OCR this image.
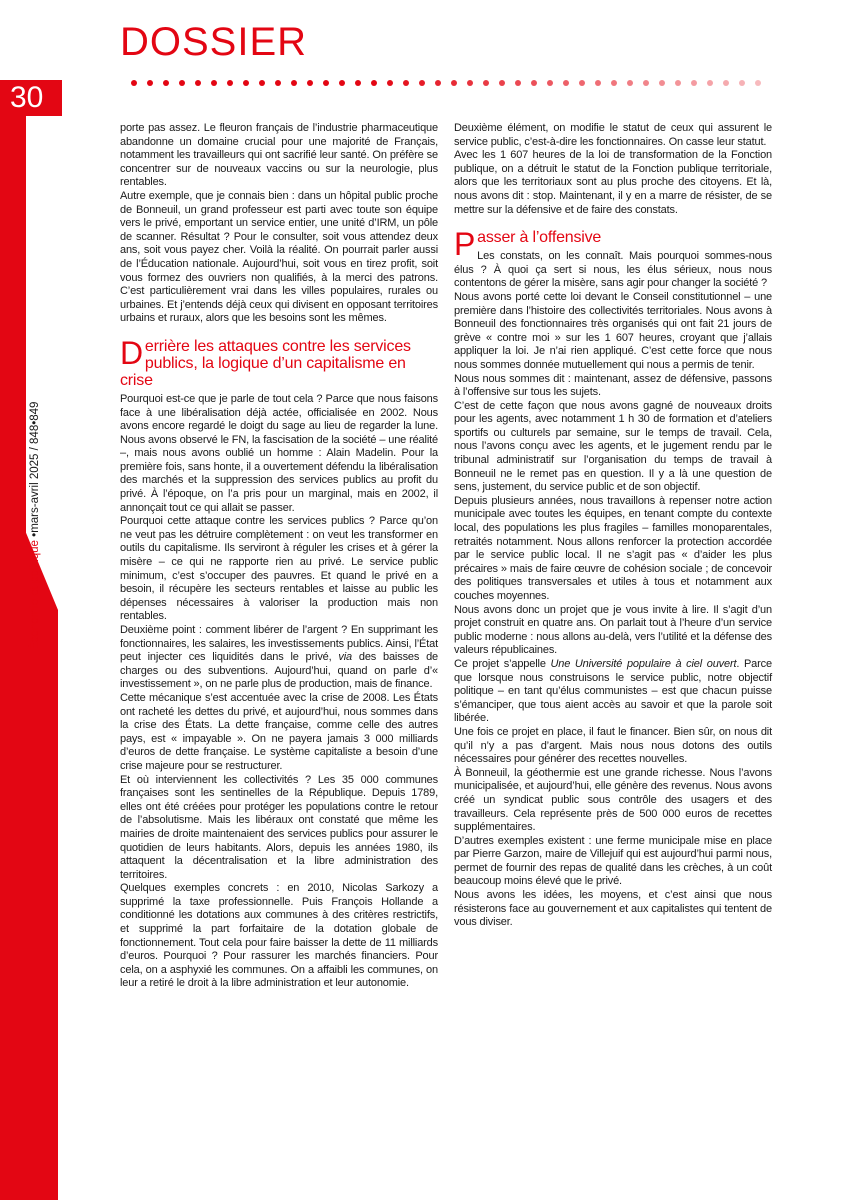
30
DOSSIER
Économie et politique •mars-avril 2025 / 848•849

porte pas assez. Le fleuron français de l’industrie pharmaceutique abandonne un domaine crucial pour une majorité de Français, notamment les travailleurs qui ont sacrifié leur santé. On préfère se concentrer sur de nouveaux vaccins ou sur la neurologie, plus rentables.

Autre exemple, que je connais bien : dans un hôpital public proche de Bonneuil, un grand professeur est parti avec toute son équipe vers le privé, emportant un service entier, une unité d’IRM, un pôle de scanner. Résultat ? Pour le consulter, soit vous attendez deux ans, soit vous payez cher. Voilà la réalité. On pourrait parler aussi de l’Éducation nationale. Aujourd’hui, soit vous en tirez profit, soit vous formez des ouvriers non qualifiés, à la merci des patrons. C’est particulièrement vrai dans les villes populaires, rurales ou urbaines. Et j’entends déjà ceux qui divisent en opposant territoires urbains et ruraux, alors que les besoins sont les mêmes.

Derrière les attaques contre les services publics, la logique d’un capitalisme en crise

Pourquoi est-ce que je parle de tout cela ? Parce que nous faisons face à une libéralisation déjà actée, officialisée en 2002. Nous avons encore regardé le doigt du sage au lieu de regarder la lune. Nous avons observé le FN, la fascisation de la société – une réalité –, mais nous avons oublié un homme : Alain Madelin. Pour la première fois, sans honte, il a ouvertement défendu la libéralisation des marchés et la suppression des services publics au profit du privé. À l’époque, on l’a pris pour un marginal, mais en 2002, il annonçait tout ce qui allait se passer.

Pourquoi cette attaque contre les services publics ? Parce qu’on ne veut pas les détruire complètement : on veut les transformer en outils du capitalisme. Ils serviront à réguler les crises et à gérer la misère – ce qui ne rapporte rien au privé. Le service public minimum, c’est s’occuper des pauvres. Et quand le privé en a besoin, il récupère les secteurs rentables et laisse au public les dépenses nécessaires à valoriser la production mais non rentables.

Deuxième point : comment libérer de l’argent ? En supprimant les fonctionnaires, les salaires, les investissements publics. Ainsi, l’État peut injecter ces liquidités dans le privé, via des baisses de charges ou des subventions. Aujourd’hui, quand on parle d’« investissement », on ne parle plus de production, mais de finance.

Cette mécanique s’est accentuée avec la crise de 2008. Les États ont racheté les dettes du privé, et aujourd’hui, nous sommes dans la crise des États. La dette française, comme celle des autres pays, est « impayable ». On ne payera jamais 3 000 milliards d’euros de dette française. Le système capitaliste a besoin d’une crise majeure pour se restructurer.

Et où interviennent les collectivités ? Les 35 000 communes françaises sont les sentinelles de la République. Depuis 1789, elles ont été créées pour protéger les populations contre le retour de l’absolutisme. Mais les libéraux ont constaté que même les mairies de droite maintenaient des services publics pour assurer le quotidien de leurs habitants. Alors, depuis les années 1980, ils attaquent la décentralisation et la libre administration des territoires.

Quelques exemples concrets : en 2010, Nicolas Sarkozy a supprimé la taxe professionnelle. Puis François Hollande a conditionné les dotations aux communes à des critères restrictifs, et supprimé la part forfaitaire de la dotation globale de fonctionnement. Tout cela pour faire baisser la dette de 11 milliards d’euros. Pourquoi ? Pour rassurer les marchés financiers. Pour cela, on a asphyxié les communes. On a affaibli les communes, on leur a retiré le droit à la libre administration et leur autonomie.

Deuxième élément, on modifie le statut de ceux qui assurent le service public, c’est-à-dire les fonctionnaires. On casse leur statut.

Avec les 1 607 heures de la loi de transformation de la Fonction publique, on a détruit le statut de la Fonction publique territoriale, alors que les territoriaux sont au plus proche des citoyens. Et là, nous avons dit : stop. Maintenant, il y en a marre de résister, de se mettre sur la défensive et de faire des constats.

Passer à l’offensive

Les constats, on les connaît. Mais pourquoi sommes-nous élus ? À quoi ça sert si nous, les élus sérieux, nous nous contentons de gérer la misère, sans agir pour changer la société ?

Nous avons porté cette loi devant le Conseil constitutionnel – une première dans l’histoire des collectivités territoriales. Nous avons à Bonneuil des fonctionnaires très organisés qui ont fait 21 jours de grève « contre moi » sur les 1 607 heures, croyant que j’allais appliquer la loi. Je n’ai rien appliqué. C’est cette force que nous nous sommes donnée mutuellement qui nous a permis de tenir.

Nous nous sommes dit : maintenant, assez de défensive, passons à l’offensive sur tous les sujets.

C’est de cette façon que nous avons gagné de nouveaux droits pour les agents, avec notamment 1 h 30 de formation et d’ateliers sportifs ou culturels par semaine, sur le temps de travail. Cela, nous l’avons conçu avec les agents, et le jugement rendu par le tribunal administratif sur l’organisation du temps de travail à Bonneuil ne le remet pas en question. Il y a là une question de sens, justement, du service public et de son objectif.

Depuis plusieurs années, nous travaillons à repenser notre action municipale avec toutes les équipes, en tenant compte du contexte local, des populations les plus fragiles – familles monoparentales, retraités notamment. Nous allons renforcer la protection accordée par le service public local. Il ne s’agit pas « d’aider les plus précaires » mais de faire œuvre de cohésion sociale ; de concevoir des politiques transversales et utiles à tous et notamment aux couches moyennes.

Nous avons donc un projet que je vous invite à lire. Il s’agit d’un projet construit en quatre ans. On parlait tout à l’heure d’un service public moderne : nous allons au-delà, vers l’utilité et la défense des valeurs républicaines.

Ce projet s’appelle Une Université populaire à ciel ouvert. Parce que lorsque nous construisons le service public, notre objectif politique – en tant qu’élus communistes – est que chacun puisse s’émanciper, que tous aient accès au savoir et que la parole soit libérée.

Une fois ce projet en place, il faut le financer. Bien sûr, on nous dit qu’il n’y a pas d’argent. Mais nous nous dotons des outils nécessaires pour générer des recettes nouvelles.

À Bonneuil, la géothermie est une grande richesse. Nous l’avons municipalisée, et aujourd’hui, elle génère des revenus. Nous avons créé un syndicat public sous contrôle des usagers et des travailleurs. Cela représente près de 500 000 euros de recettes supplémentaires.

D’autres exemples existent : une ferme municipale mise en place par Pierre Garzon, maire de Villejuif qui est aujourd’hui parmi nous, permet de fournir des repas de qualité dans les crèches, à un coût beaucoup moins élevé que le privé.

Nous avons les idées, les moyens, et c’est ainsi que nous résisterons face au gouvernement et aux capitalistes qui tentent de vous diviser.
